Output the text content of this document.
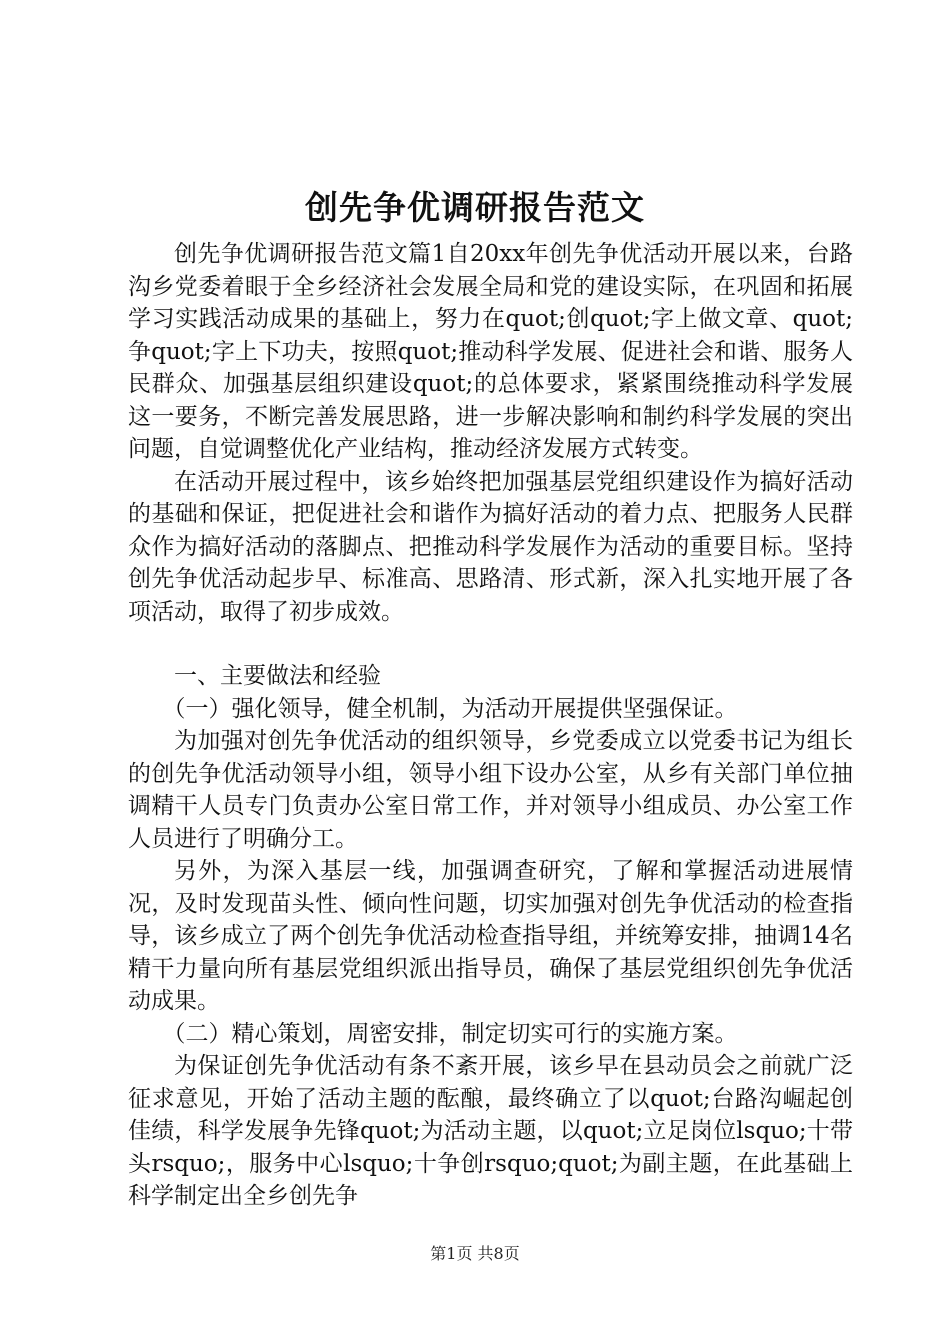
创先争优调研报告范文

创先争优调研报告范文篇1自20xx年创先争优活动开展以来，台路沟乡党委着眼于全乡经济社会发展全局和党的建设实际，在巩固和拓展学习实践活动成果的基础上，努力在quot;创quot;字上做文章、quot;争quot;字上下功夫，按照quot;推动科学发展、促进社会和谐、服务人民群众、加强基层组织建设quot;的总体要求，紧紧围绕推动科学发展这一要务，不断完善发展思路，进一步解决影响和制约科学发展的突出问题，自觉调整优化产业结构，推动经济发展方式转变。

在活动开展过程中，该乡始终把加强基层党组织建设作为搞好活动的基础和保证，把促进社会和谐作为搞好活动的着力点、把服务人民群众作为搞好活动的落脚点、把推动科学发展作为活动的重要目标。坚持创先争优活动起步早、标准高、思路清、形式新，深入扎实地开展了各项活动，取得了初步成效。

一、主要做法和经验

（一）强化领导，健全机制，为活动开展提供坚强保证。

为加强对创先争优活动的组织领导，乡党委成立以党委书记为组长的创先争优活动领导小组，领导小组下设办公室，从乡有关部门单位抽调精干人员专门负责办公室日常工作，并对领导小组成员、办公室工作人员进行了明确分工。

另外，为深入基层一线，加强调查研究，了解和掌握活动进展情况，及时发现苗头性、倾向性问题，切实加强对创先争优活动的检查指导，该乡成立了两个创先争优活动检查指导组，并统筹安排，抽调14名精干力量向所有基层党组织派出指导员，确保了基层党组织创先争优活动成果。

（二）精心策划，周密安排，制定切实可行的实施方案。

为保证创先争优活动有条不紊开展，该乡早在县动员会之前就广泛征求意见，开始了活动主题的酝酿，最终确立了以quot;台路沟崛起创佳绩，科学发展争先锋quot;为活动主题，以quot;立足岗位lsquo;十带头rsquo;，服务中心lsquo;十争创rsquo;quot;为副主题，在此基础上科学制定出全乡创先争

第1页 共8页
